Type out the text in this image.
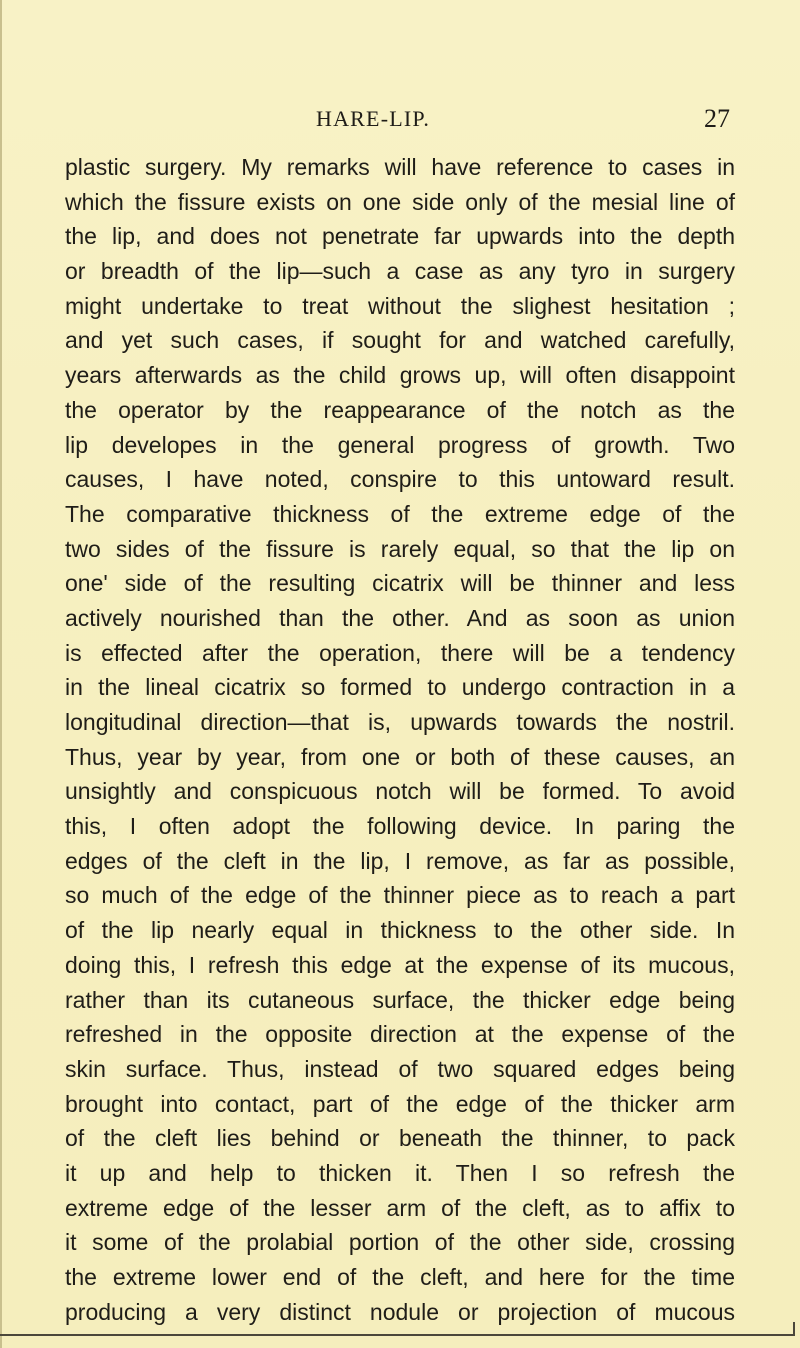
HARE-LIP.	27
plastic surgery. My remarks will have reference to cases in
which the fissure exists on one side only of the mesial line of
the lip, and does not penetrate far upwards into the depth
or breadth of the lip—such a case as any tyro in surgery
might undertake to treat without the slighest hesitation ;
and yet such cases, if sought for and watched carefully,
years afterwards as the child grows up, will often disappoint
the operator by the reappearance of the notch as the
lip developes in the general progress of growth. Two
causes, I have noted, conspire to this untoward result.
The comparative thickness of the extreme edge of the
two sides of the fissure is rarely equal, so that the lip on
one' side of the resulting cicatrix will be thinner and less
actively nourished than the other. And as soon as union
is effected after the operation, there will be a tendency
in the lineal cicatrix so formed to undergo contraction in a
longitudinal direction—that is, upwards towards the nostril.
Thus, year by year, from one or both of these causes, an
unsightly and conspicuous notch will be formed. To avoid
this, I often adopt the following device. In paring the
edges of the cleft in the lip, I remove, as far as possible,
so much of the edge of the thinner piece as to reach a part
of the lip nearly equal in thickness to the other side. In
doing this, I refresh this edge at the expense of its mucous,
rather than its cutaneous surface, the thicker edge being
refreshed in the opposite direction at the expense of the
skin surface. Thus, instead of two squared edges being
brought into contact, part of the edge of the thicker arm
of the cleft lies behind or beneath the thinner, to pack
it up and help to thicken it. Then I so refresh the
extreme edge of the lesser arm of the cleft, as to affix to
it some of the prolabial portion of the other side, crossing
the extreme lower end of the cleft, and here for the time
producing a very distinct nodule or projection of mucous
